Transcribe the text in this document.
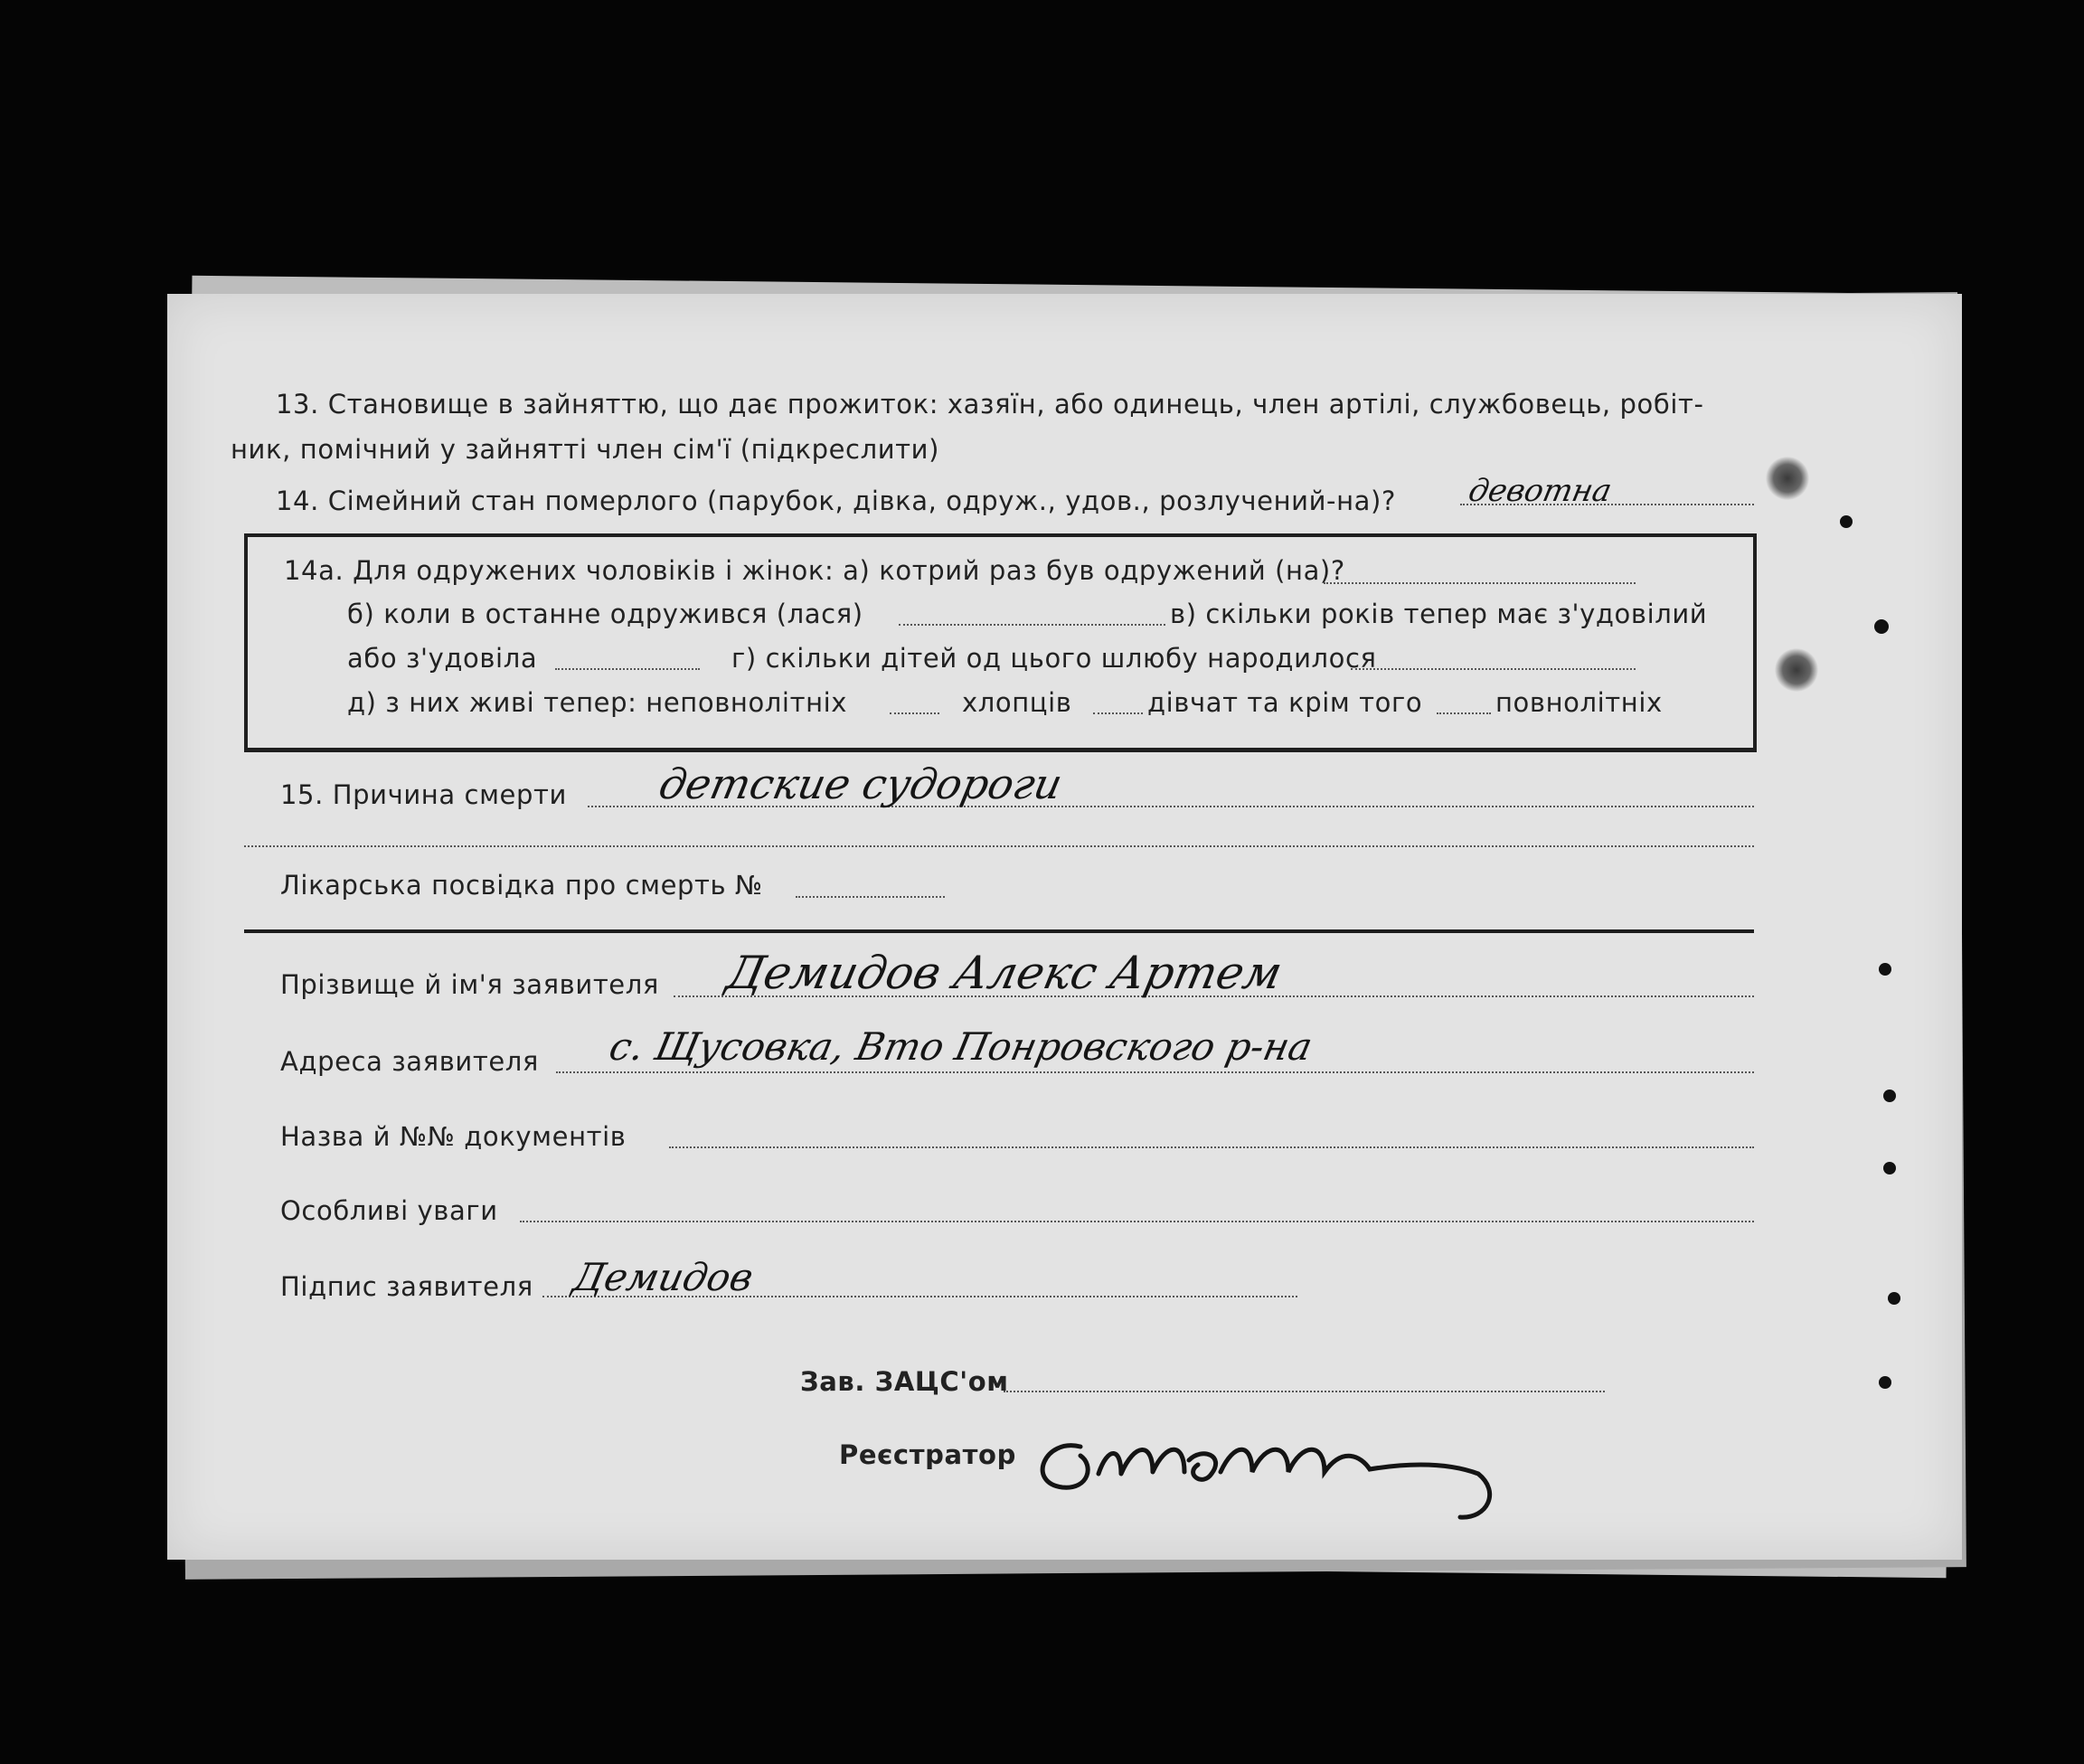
13. Становище в зайняттю, що дає прожиток: хазяїн, або одинець, член артілі, службовець, робіт-
ник, помічний у зайнятті член сім'ї (підкреслити)
14. Сімейний стан померлого (парубок, дівка, одруж., удов., розлучений-на)? девотна
14а. Для одружених чоловіків і жінок: а) котрий раз був одружений (на)?
б) коли в останне одружився (лася)	в) скільки років тепер має з'удовілий
або з'удовіла	г) скільки дітей од цього шлюбу народилося
д) з них живі тепер: неповнолітніх	хлопців	дівчат та крім того	повнолітніх
15. Причина смерти детские судороги
Лікарська посвідка про смерть №
Прізвище й ім'я заявителя Демидов Алекс Артем
Адреса заявителя с. Щусовка, Вто Понровского р-на
Назва й №№ документів
Особливі уваги
Підпис заявителя Демидов
Зав. ЗАЦС'ом
Реєстратор
